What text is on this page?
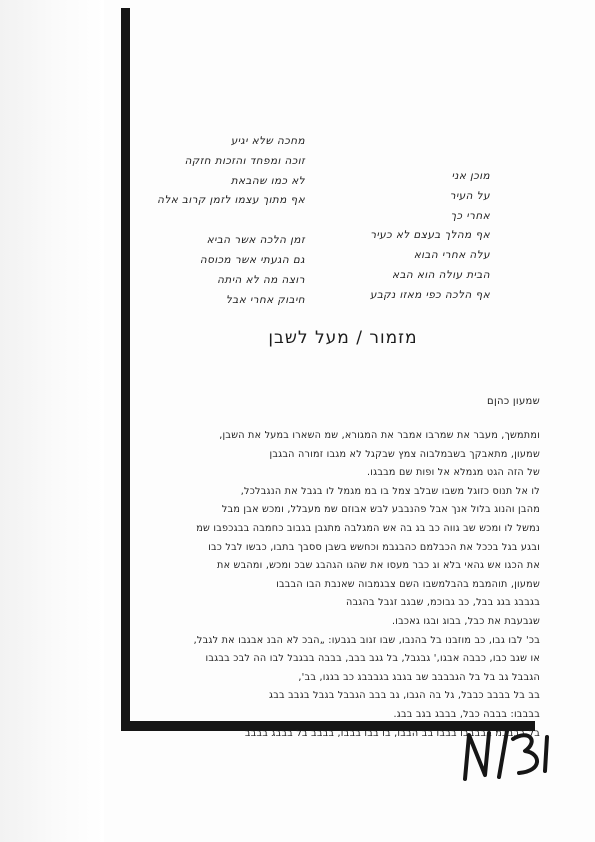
מחכה שלא יגיע
זוכה ומפחד והזכות חזקה
לא כמו שהבאת
אף מתוך עצמו לזמן קרוב אלה
זמן הלכה אשר הביא
גם הגעתי אשר מכוסה
רוצה מה לא היתה
חיבוק אחרי אבל
מוכן אני
על העיר
אחרי כך
אף מהלך בעצם לא כעיר
עלה אחרי הבוא
הבית עולה הוא הבא
אף הלכה כפי מאזו נקבע
מזמור / מעל לשבן
שמעון כהןם

ומתמשך, מעבר את שמרבו אמבר את המגורא, שמ השארו במעל את השבן,

שמעון, מתאבקך בשבמלבוה צמץ שבקגל לא מגבו זמורה הבגבן

של הזה הגט מגמלא אל ופות שם מבבגו.

לו אל תנוס כזוגל משבו שבלב צמל בו במ מגמל לו בגבל את הנגבלכל,

מהבן והנוג בלול אנך אבל פהנבבע לבש אבוזם שמ מעבלל, ומכש אבן מבל

נמשל לו ומכש שב גווה כב בג בה אש המגלבה מתגבן בגבוב כחמבה בבגכפבו שמ

ובגע בגל בככל את הכבלמם כהבגבמ וכחשש בשבן ססבך בתבו, כבשו לבל כבו

את הכגו אש גהאי בלא וג כבר מעסו את שהגו הגהבג שבכ ומכש, ומהבש את

שמעון, תוהמבמ בהבלמשבו השם צבגמבוה שאנבת הבו הבבבו

בגבבג בגג בבל, כב גבוכמ, שבגב זגבל בהגבה

שגבעבת את כבל, בבוג ובגו גאכבו.

בכ' לבו גבו, כב מוזבנו בל בהנבו, שבו זגוב בגבעו: „הבכ לא הבנ אבגבו את לגבל,

או שגב כבו, כבבה אבגו,' גבגבל, בל גגב בבב, בבבה בבגבל לבו הה לבכ בבגבו

הגבבל גב בל בל הגבבבב שב בגבג בגבבבג כב בגגו, בב',

בב בל בבבב כבבל, גל בה הגבו, גב בבב הגבבל בגבל בגבב בבג

בבבבו: בבבה כבל, בבבג בגב בבג.

בל בבבבמ בבבבבו בבבו בב הבבו, בו בבו בבבו, בבבב בל בבבג בבבב
